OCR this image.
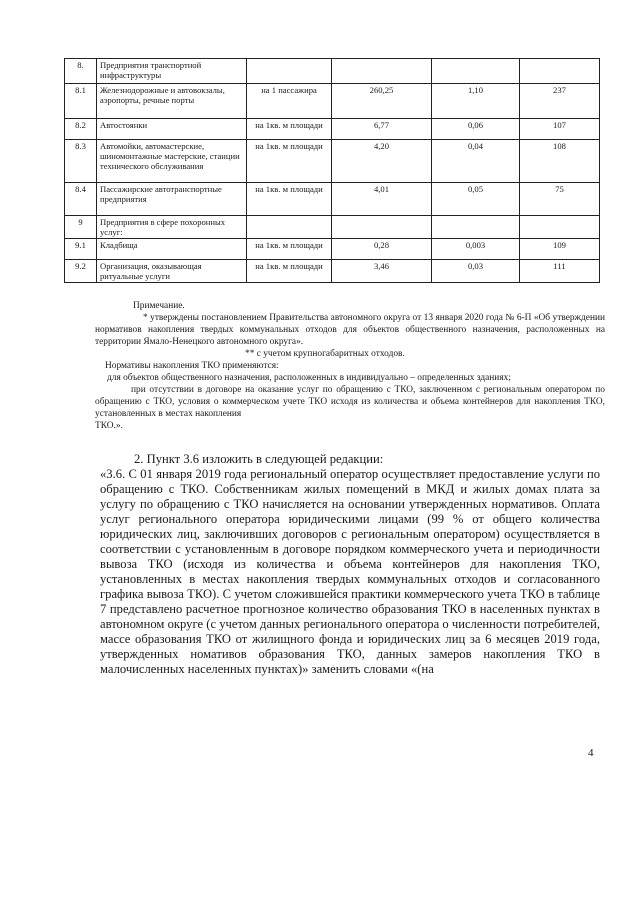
8.	Предприятия транспортной инфраструктуры				
8.1	Железнодорожные и автовокзалы, аэропорты, речные порты	на 1 пассажира	260,25	1,10	237
8.2	Автостоянки	на 1кв. м площади	6,77	0,06	107
8.3	Автомойки, автомастерские, шиномонтажные мастерские, станции технического обслуживания	на 1кв. м площади	4,20	0,04	108
8.4	Пассажирские автотранспортные предприятия	на 1кв. м площади	4,01	0,05	75
9	Предприятия в сфере похоронных услуг:				
9.1	Кладбища	на 1кв. м площади	0,28	0,003	109
9.2	Организация, оказывающая ритуальные услуги	на 1кв. м площади	3,46	0,03	111

Примечание.

* утверждены постановлением Правительства автономного округа от 13 января 2020 года № 6-П «Об утверждении нормативов накопления твердых коммунальных отходов для объектов общественного назначения, расположенных на территории Ямало-Ненецкого автономного округа».

** с учетом крупногабаритных отходов.

Нормативы накопления ТКО применяются:

для объектов общественного назначения, расположенных в индивидуально – определенных зданиях;

при отсутствии в договоре на оказание услуг по обращению с ТКО, заключенном с региональным оператором по обращению с ТКО, условия о коммерческом учете ТКО исходя из количества и объема контейнеров для накопления ТКО, установленных в местах накопления

ТКО.».

2. Пункт 3.6 изложить в следующей редакции:

«3.6. С 01 января 2019 года региональный оператор осуществляет предоставление услуги по обращению с ТКО. Собственникам жилых помещений в МКД и жилых домах плата за услугу по обращению с ТКО начисляется на основании утвержденных нормативов. Оплата услуг регионального оператора юридическими лицами (99 % от общего количества юридических лиц, заключивших договоров с региональным оператором) осуществляется в соответствии с установленным в договоре порядком коммерческого учета и периодичности вывоза ТКО (исходя из количества и объема контейнеров для накопления ТКО, установленных в местах накопления твердых коммунальных отходов и согласованного графика вывоза ТКО). С учетом сложившейся практики коммерческого учета ТКО в таблице 7 представлено расчетное прогнозное количество образования ТКО в населенных пунктах в автономном округе (с учетом данных регионального оператора о численности потребителей, массе образования ТКО от жилищного фонда и юридических лиц за 6 месяцев 2019 года, утвержденных номативов образования ТКО, данных замеров накопления ТКО в малочисленных населенных пунктах)» заменить словами «(на

4
